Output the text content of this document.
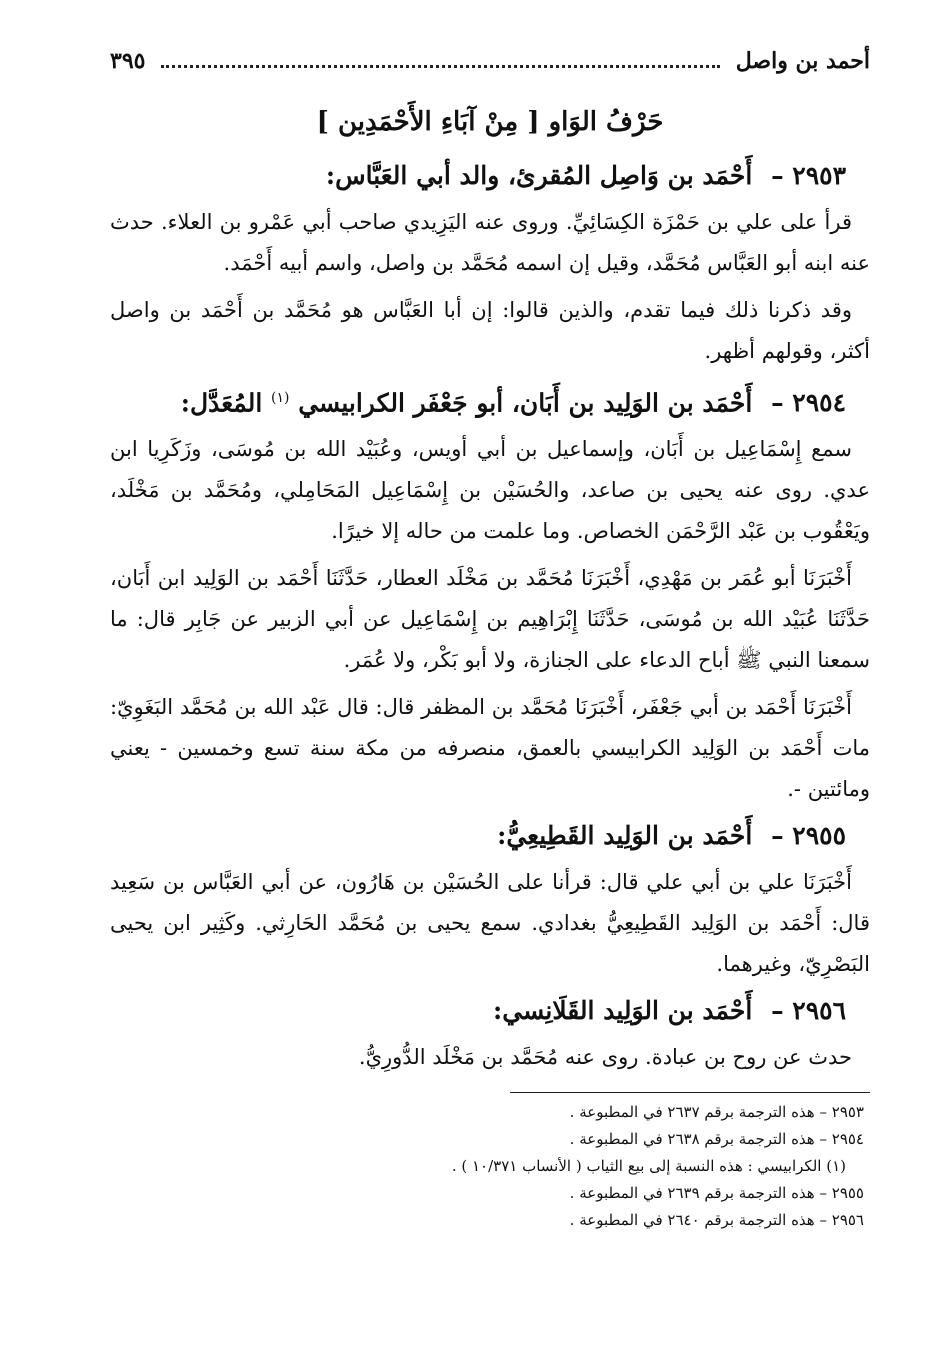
أحمد بن واصل
٣٩٥
حَرْفُ الوَاو [ مِنْ آبَاءِ الأَحْمَدِين ]
٢٩٥٣ – أَحْمَد بن وَاصِل المُقرئ، والد أبي العَبَّاس:

قرأ على علي بن حَمْزَة الكِسَائِيِّ. وروى عنه اليَزِيدي صاحب أبي عَمْرو بن العلاء. حدث عنه ابنه أبو العَبَّاس مُحَمَّد، وقيل إن اسمه مُحَمَّد بن واصل، واسم أبيه أَحْمَد.

وقد ذكرنا ذلك فيما تقدم، والذين قالوا: إن أبا العَبَّاس هو مُحَمَّد بن أَحْمَد بن واصل أكثر، وقولهم أظهر.

٢٩٥٤ – أَحْمَد بن الوَلِيد بن أَبَان، أبو جَعْفَر الكرابيسي $^{(١)}$ المُعَدَّل:

سمع إِسْمَاعِيل بن أَبَان، وإسماعيل بن أبي أويس، وعُبَيْد الله بن مُوسَى، وزَكَرِيا ابن عدي. روى عنه يحيى بن صاعد، والحُسَيْن بن إِسْمَاعِيل المَحَامِلي، ومُحَمَّد بن مَخْلَد، ويَعْقُوب بن عَبْد الرَّحْمَن الخصاص. وما علمت من حاله إلا خيرًا.

أَخْبَرَنَا أبو عُمَر بن مَهْدِي، أَخْبَرَنَا مُحَمَّد بن مَخْلَد العطار، حَدَّثَنَا أَحْمَد بن الوَلِيد ابن أَبَان، حَدَّثَنَا عُبَيْد الله بن مُوسَى، حَدَّثَنَا إِبْرَاهِيم بن إِسْمَاعِيل عن أبي الزبير عن جَابِر قال: ما سمعنا النبي ﷺ أباح الدعاء على الجنازة، ولا أبو بَكْر، ولا عُمَر.

أَخْبَرَنَا أَحْمَد بن أبي جَعْفَر، أَخْبَرَنَا مُحَمَّد بن المظفر قال: قال عَبْد الله بن مُحَمَّد البَغَوِيّ: مات أَحْمَد بن الوَلِيد الكرابيسي بالعمق، منصرفه من مكة سنة تسع وخمسين - يعني ومائتين -.

٢٩٥٥ – أَحْمَد بن الوَلِيد القَطِيعِيُّ:

أَخْبَرَنَا علي بن أبي علي قال: قرأنا على الحُسَيْن بن هَارُون، عن أبي العَبَّاس بن سَعِيد قال: أَحْمَد بن الوَلِيد القَطِيعِيُّ بغدادي. سمع يحيى بن مُحَمَّد الحَارِثي. وكَثِير ابن يحيى البَصْرِيّ، وغيرهما.

٢٩٥٦ – أَحْمَد بن الوَلِيد القَلَانِسي:

حدث عن روح بن عبادة. روى عنه مُحَمَّد بن مَخْلَد الدُّورِيُّ.

٢٩٥٣ – هذه الترجمة برقم ٢٦٣٧ في المطبوعة .

٢٩٥٤ – هذه الترجمة برقم ٢٦٣٨ في المطبوعة .

(١) الكرابيسي : هذه النسبة إلى بيع الثياب ( الأنساب ١٠/٣٧١ ) .

٢٩٥٥ – هذه الترجمة برقم ٢٦٣٩ في المطبوعة .

٢٩٥٦ – هذه الترجمة برقم ٢٦٤٠ في المطبوعة .
